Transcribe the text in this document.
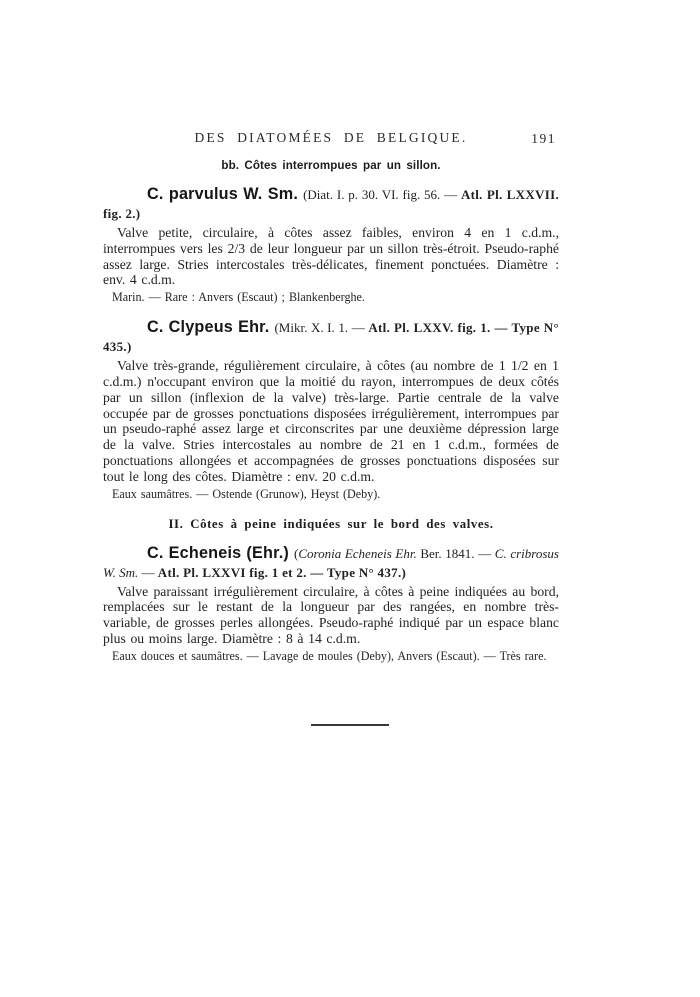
DES DIATOMÉES DE BELGIQUE.	191
bb. Côtes interrompues par un sillon.

C. parvulus W. Sm. (Diat. I. p. 30. VI. fig. 56. — Atl. Pl. LXXVII. fig. 2.)

Valve petite, circulaire, à côtes assez faibles, environ 4 en 1 c.d.m., interrompues vers les 2/3 de leur longueur par un sillon très-étroit. Pseudo-raphé assez large. Stries intercostales très-délicates, finement ponctuées. Diamètre : env. 4 c.d.m.

Marin. — Rare : Anvers (Escaut) ; Blankenberghe.

C. Clypeus Ehr. (Mikr. X. I. 1. — Atl. Pl. LXXV. fig. 1. — Type N° 435.)

Valve très-grande, régulièrement circulaire, à côtes (au nombre de 1 1/2 en 1 c.d.m.) n'occupant environ que la moitié du rayon, interrompues de deux côtés par un sillon (inflexion de la valve) très-large. Partie centrale de la valve occupée par de grosses ponctuations disposées irrégulièrement, interrompues par un pseudo-raphé assez large et circonscrites par une deuxième dépression large de la valve. Stries intercostales au nombre de 21 en 1 c.d.m., formées de ponctuations allongées et accompagnées de grosses ponctuations disposées sur tout le long des côtes. Diamètre : env. 20 c.d.m.

Eaux saumâtres. — Ostende (Grunow), Heyst (Deby).

II. Côtes à peine indiquées sur le bord des valves.

C. Echeneis (Ehr.) (Coronia Echeneis Ehr. Ber. 1841. — C. cribrosus W. Sm. — Atl. Pl. LXXVI fig. 1 et 2. — Type N° 437.)

Valve paraissant irrégulièrement circulaire, à côtes à peine indiquées au bord, remplacées sur le restant de la longueur par des rangées, en nombre très-variable, de grosses perles allongées. Pseudo-raphé indiqué par un espace blanc plus ou moins large. Diamètre : 8 à 14 c.d.m.

Eaux douces et saumâtres. — Lavage de moules (Deby), Anvers (Escaut). — Très rare.
